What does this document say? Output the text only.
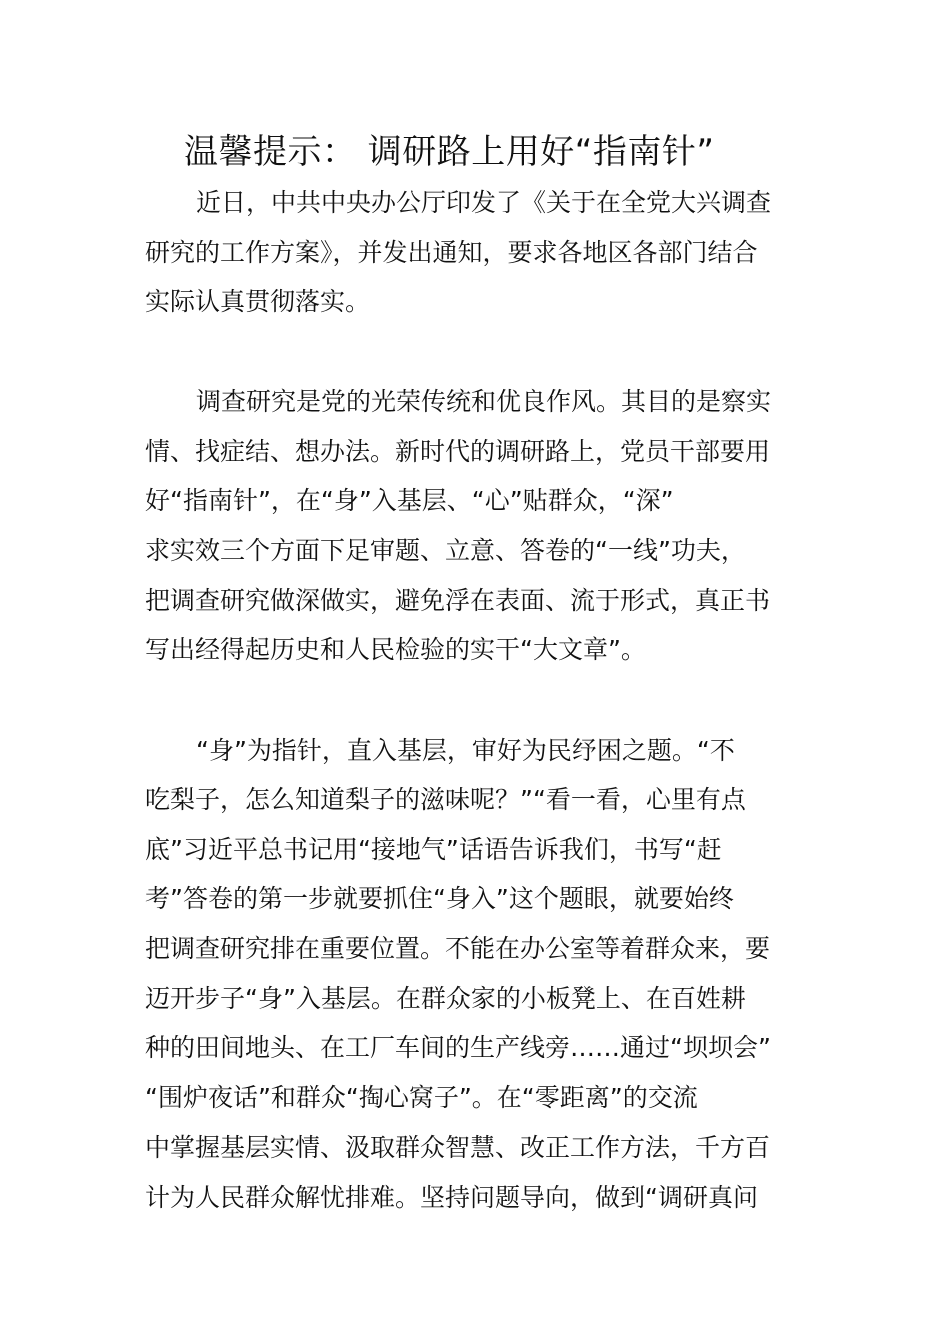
温馨提示： 调研路上用好“指南针”

近日，中共中央办公厅印发了《关于在全党大兴调查

研究的工作方案》，并发出通知，要求各地区各部门结合

实际认真贯彻落实。

调查研究是党的光荣传统和优良作风。其目的是察实

情、找症结、想办法。新时代的调研路上，党员干部要用

好“指南针”，在“身”入基层、“心”贴群众，“深”

求实效三个方面下足审题、立意、答卷的“一线”功夫，

把调查研究做深做实，避免浮在表面、流于形式，真正书

写出经得起历史和人民检验的实干“大文章”。

“身”为指针，直入基层，审好为民纾困之题。“不

吃梨子，怎么知道梨子的滋味呢？”“看一看，心里有点

底”习近平总书记用“接地气”话语告诉我们，书写“赶

考”答卷的第一步就要抓住“身入”这个题眼，就要始终

把调查研究排在重要位置。不能在办公室等着群众来，要

迈开步子“身”入基层。在群众家的小板凳上、在百姓耕

种的田间地头、在工厂车间的生产线旁……通过“坝坝会”

“围炉夜话”和群众“掏心窝子”。在“零距离”的交流

中掌握基层实情、汲取群众智慧、改正工作方法，千方百

计为人民群众解忧排难。坚持问题导向，做到“调研真问
